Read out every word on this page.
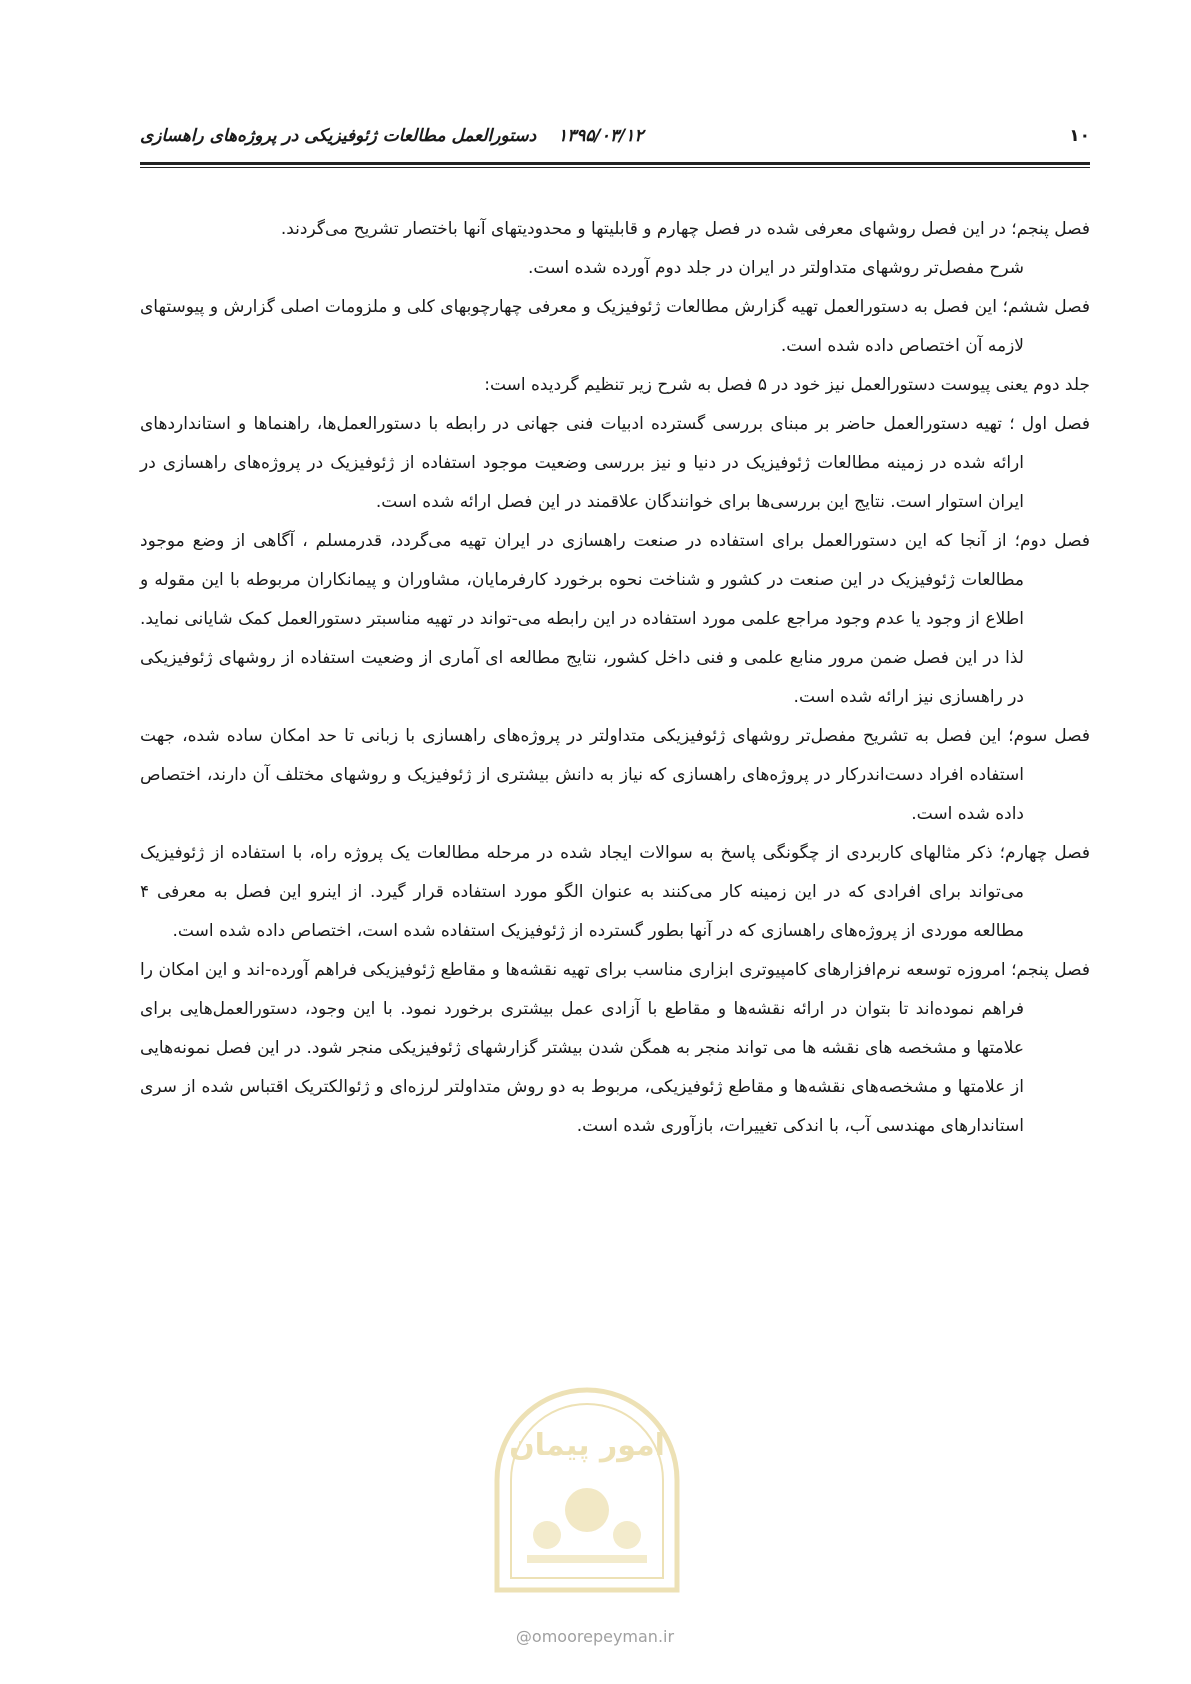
۱۰
۱۳۹۵/۰۳/۱۲
دستورالعمل مطالعات ژئوفیزیکی در پروژه‌های راهسازی

فصل پنجم؛ در این فصل روشهای معرفی شده در فصل چهارم و قابلیتها و محدودیتهای آنها باختصار تشریح می‌گردند.

شرح مفصل‌تر روشهای متداولتر در ایران در جلد دوم آورده شده است.

فصل ششم؛ این فصل به دستورالعمل تهیه گزارش مطالعات ژئوفیزیک و معرفی چهارچوبهای کلی و ملزومات اصلی گزارش و پیوستهای لازمه آن اختصاص داده شده است.

جلد دوم یعنی پیوست دستورالعمل نیز خود در ۵ فصل به شرح زیر تنظیم گردیده است:

فصل اول ؛ تهیه دستورالعمل حاضر بر مبنای بررسی گسترده ادبیات فنی جهانی در رابطه با دستورالعمل‌ها، راهنماها و استانداردهای ارائه شده در زمینه مطالعات ژئوفیزیک در دنیا و نیز بررسی وضعیت موجود استفاده از ژئوفیزیک در پروژه‌های راهسازی در ایران استوار است. نتایج این بررسی‌ها برای خوانندگان علاقمند در این فصل ارائه شده است.

فصل دوم؛ از آنجا که این دستورالعمل برای استفاده در صنعت راهسازی در ایران تهیه می‌گردد، قدرمسلم ، آگاهی از وضع موجود مطالعات ژئوفیزیک در این صنعت در کشور و شناخت نحوه برخورد کارفرمایان، مشاوران و پیمانکاران مربوطه با این مقوله و اطلاع از وجود یا عدم وجود مراجع علمی مورد استفاده در این رابطه می-تواند در تهیه مناسبتر دستورالعمل کمک شایانی نماید. لذا در این فصل ضمن مرور منابع علمی و فنی داخل کشور، نتایج مطالعه ای آماری از وضعیت استفاده از روشهای ژئوفیزیکی در راهسازی نیز ارائه شده است.

فصل سوم؛ این فصل به تشریح مفصل‌تر روشهای ژئوفیزیکی متداولتر در پروژه‌های راهسازی با زبانی تا حد امکان ساده شده، جهت استفاده افراد دست‌اندرکار در پروژه‌های راهسازی که نیاز به دانش بیشتری از ژئوفیزیک و روشهای مختلف آن دارند، اختصاص داده شده است.

فصل چهارم؛ ذکر مثالهای کاربردی از چگونگی پاسخ به سوالات ایجاد شده در مرحله مطالعات یک پروژه راه، با استفاده از ژئوفیزیک می‌تواند برای افرادی که در این زمینه کار می‌کنند به عنوان الگو مورد استفاده قرار گیرد. از اینرو این فصل به معرفی ۴ مطالعه موردی از پروژه‌های راهسازی که در آنها بطور گسترده از ژئوفیزیک استفاده شده است، اختصاص داده شده است.

فصل پنجم؛ امروزه توسعه نرم‌افزارهای کامپیوتری ابزاری مناسب برای تهیه نقشه‌ها و مقاطع ژئوفیزیکی فراهم آورده-اند و این امکان را فراهم نموده‌اند تا بتوان در ارائه نقشه‌ها و مقاطع با آزادی عمل بیشتری برخورد نمود. با این وجود، دستورالعمل‌هایی برای علامتها و مشخصه های نقشه ها می تواند منجر به همگن شدن بیشتر گزارشهای ژئوفیزیکی منجر شود. در این فصل نمونه‌هایی از علامتها و مشخصه‌های نقشه‌ها و مقاطع ژئوفیزیکی، مربوط به دو روش متداولتر لرزه‌ای و ژئوالکتریک اقتباس شده از سری استاندارهای مهندسی آب، با اندکی تغییرات، بازآوری شده است.

امور پیمان
@omoorepeyman.ir
